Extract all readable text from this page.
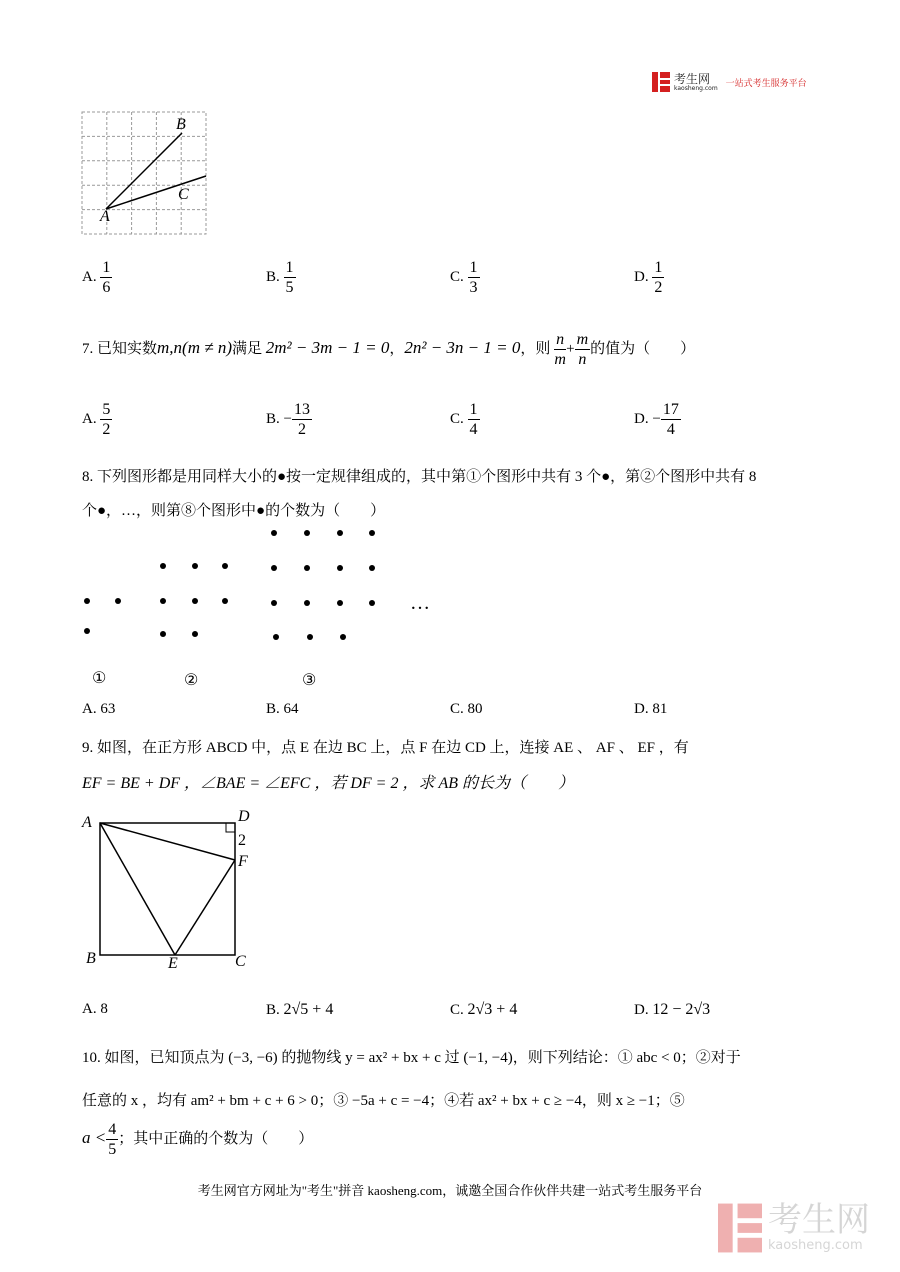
考生网
kaosheng.com 一站式考生服务平台
B
C
A
A. $\frac{1}{6}$	B. $\frac{1}{5}$	C. $\frac{1}{3}$	D. $\frac{1}{2}$
7. 已知实数m,n(m ≠ n)满足 2m² − 3m − 1 = 0，2n² − 3n − 1 = 0，则 $\frac{n}{m} + \frac{m}{n}$ 的值为（　　）
A. $\frac{5}{2}$	B. − $\frac{13}{2}$	C. $\frac{1}{4}$	D. − $\frac{17}{4}$
8. 下列图形都是用同样大小的●按一定规律组成的，其中第①个图形中共有 3 个●，第②个图形中共有 8
个●，…，则第⑧个图形中●的个数为（　　）
…
①	②	③
A. 63	B. 64	C. 80	D. 81
9. 如图，在正方形 ABCD 中，点 E 在边 BC 上，点 F 在边 CD 上，连接 AE 、 AF 、 EF ，有
EF = BE + DF ，∠BAE = ∠EFC ，若 DF = 2 ，求 AB 的长为（　　）
A	D
2
F
B	E	C
A. 8	B. 2√5 + 4	C. 2√3 + 4	D. 12 − 2√3
10. 如图，已知顶点为 (−3, −6) 的抛物线 y = ax² + bx + c 过 (−1, −4)，则下列结论：① abc < 0；②对于
任意的 x ，均有 am² + bm + c + 6 > 0；③ −5a + c = −4；④若 ax² + bx + c ≥ −4，则 x ≥ −1；⑤
$a < \frac{4}{5}$ ；其中正确的个数为（　　）
考生网官方网址为"考生"拼音 kaosheng.com，诚邀全国合作伙伴共建一站式考生服务平台
考生网
kaosheng.com
